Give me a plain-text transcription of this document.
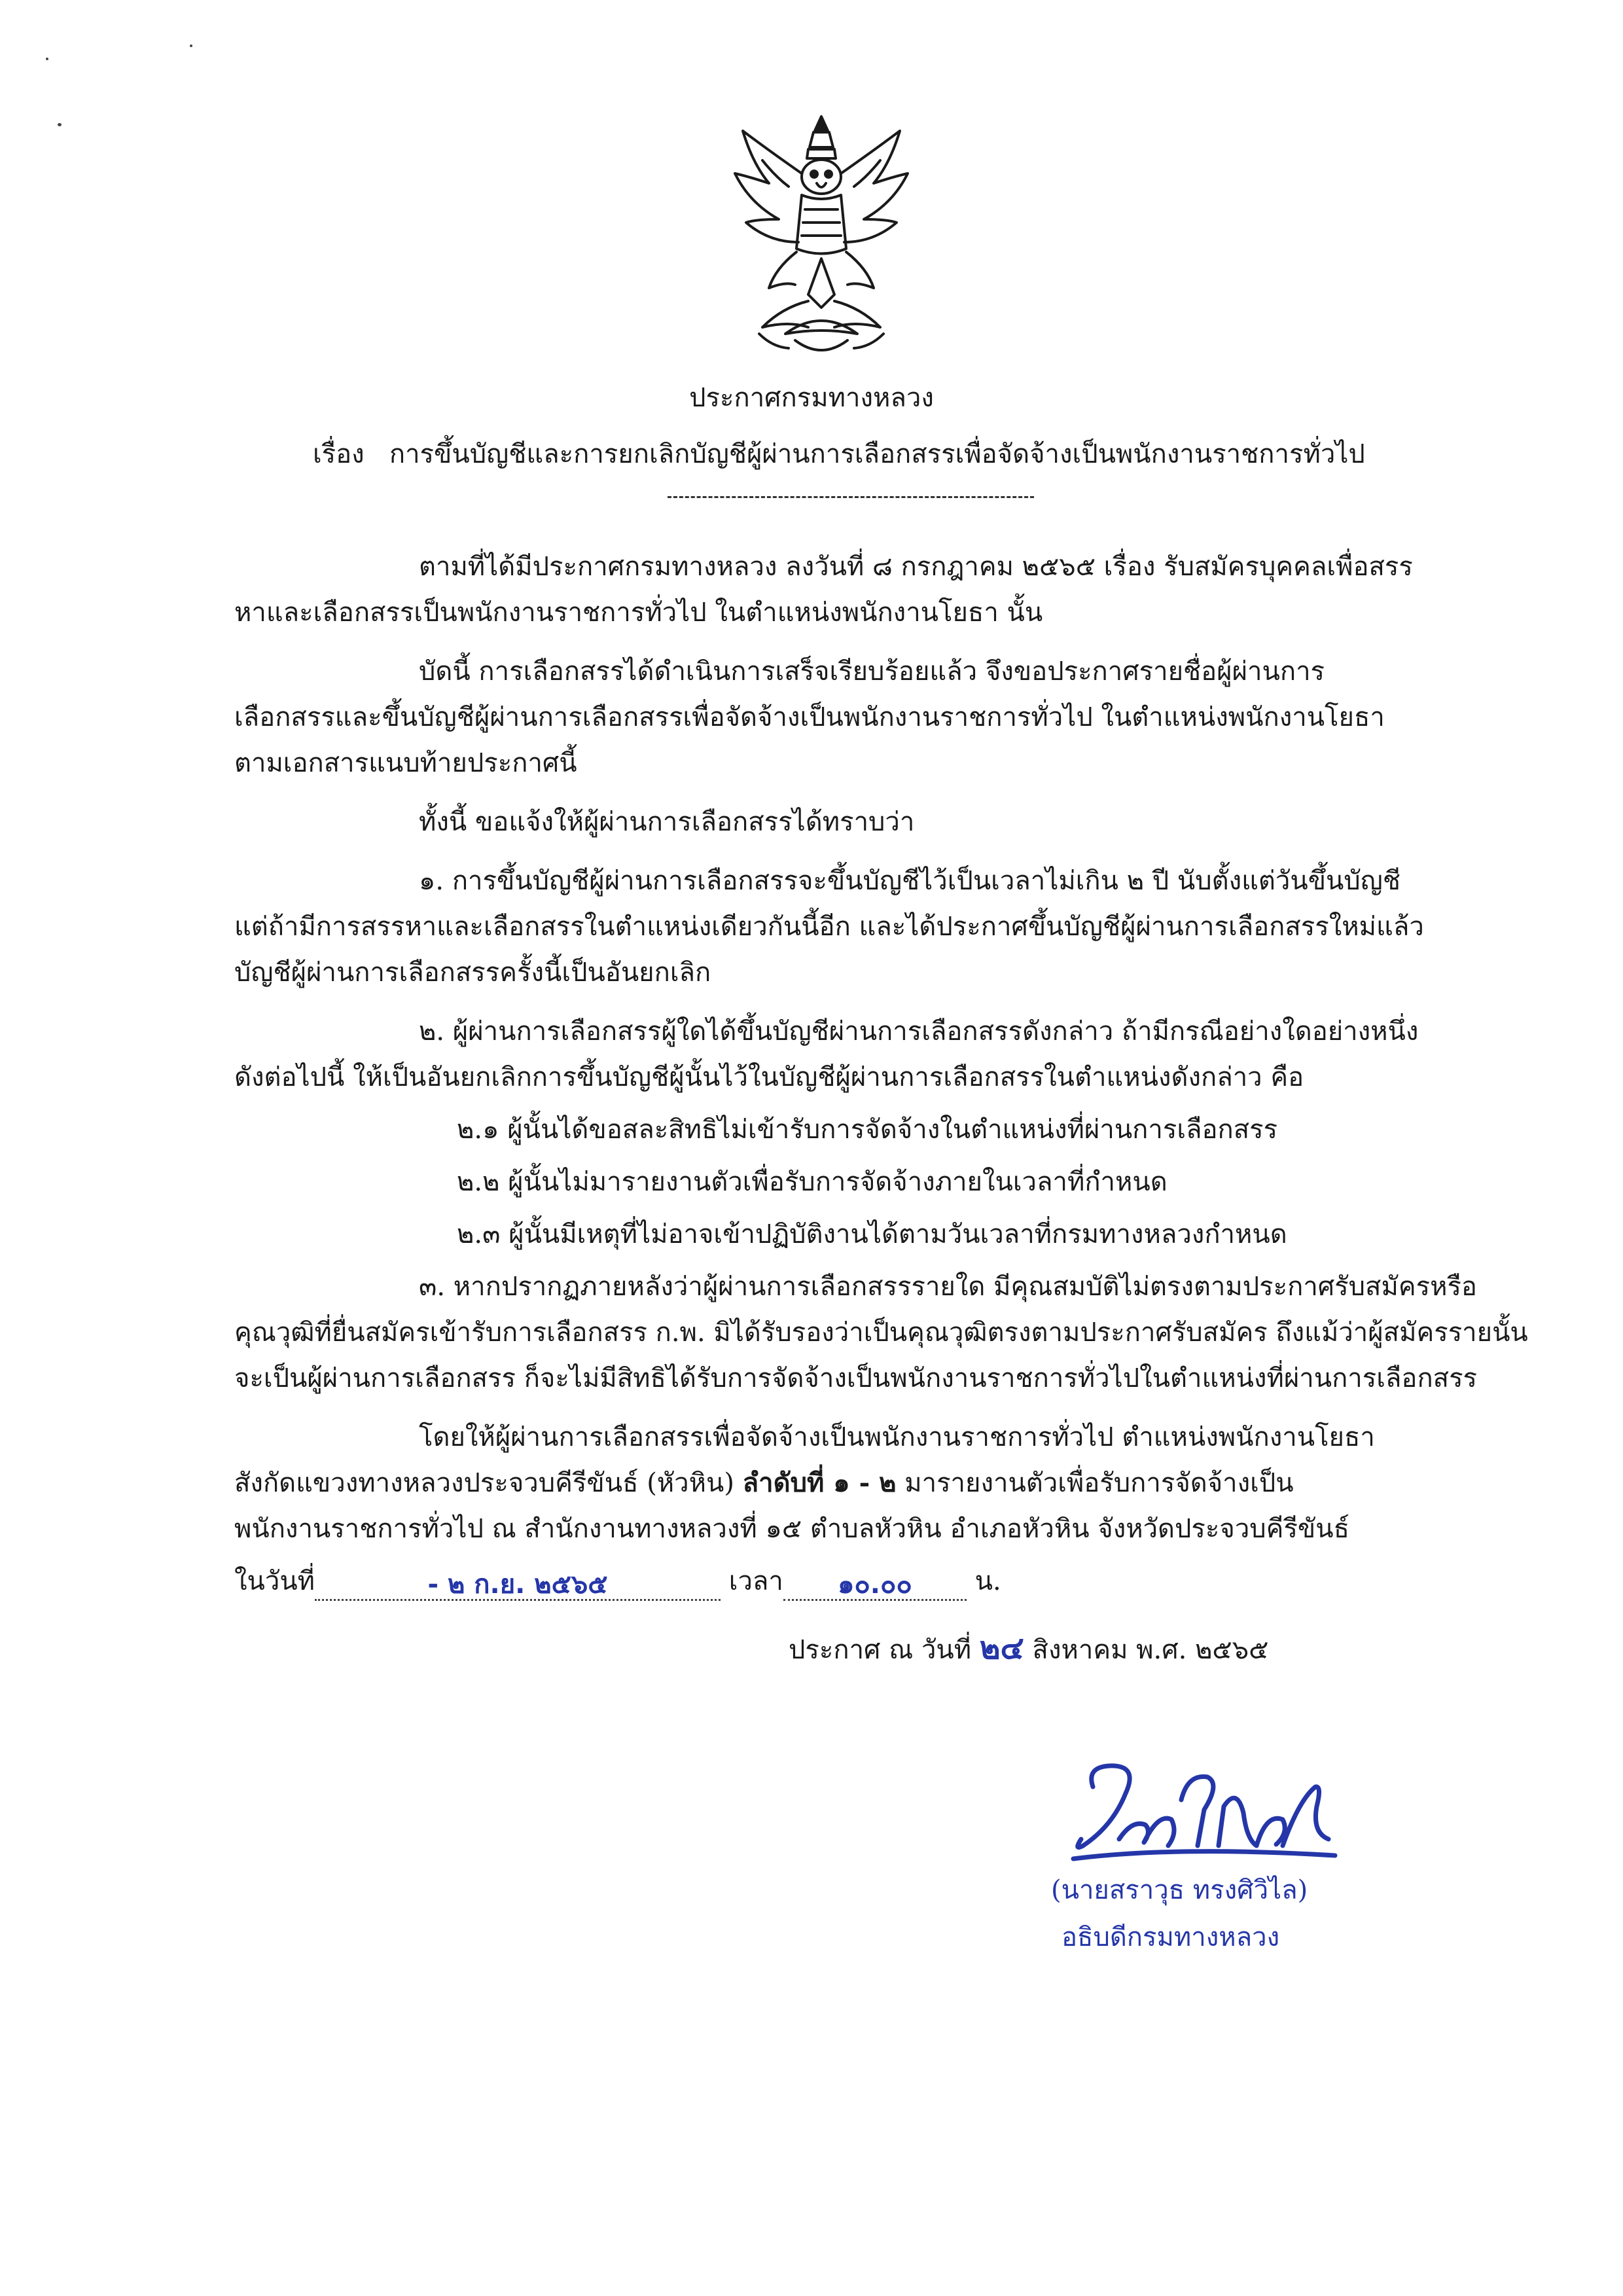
ประกาศกรมทางหลวง
เรื่อง การขึ้นบัญชีและการยกเลิกบัญชีผู้ผ่านการเลือกสรรเพื่อจัดจ้างเป็นพนักงานราชการทั่วไป
ตามที่ได้มีประกาศกรมทางหลวง ลงวันที่ ๘ กรกฎาคม ๒๕๖๕ เรื่อง รับสมัครบุคคลเพื่อสรร
หาและเลือกสรรเป็นพนักงานราชการทั่วไป ในตำแหน่งพนักงานโยธา นั้น
บัดนี้ การเลือกสรรได้ดำเนินการเสร็จเรียบร้อยแล้ว จึงขอประกาศรายชื่อผู้ผ่านการ
เลือกสรรและขึ้นบัญชีผู้ผ่านการเลือกสรรเพื่อจัดจ้างเป็นพนักงานราชการทั่วไป ในตำแหน่งพนักงานโยธา
ตามเอกสารแนบท้ายประกาศนี้
ทั้งนี้ ขอแจ้งให้ผู้ผ่านการเลือกสรรได้ทราบว่า
๑. การขึ้นบัญชีผู้ผ่านการเลือกสรรจะขึ้นบัญชีไว้เป็นเวลาไม่เกิน ๒ ปี นับตั้งแต่วันขึ้นบัญชี
แต่ถ้ามีการสรรหาและเลือกสรรในตำแหน่งเดียวกันนี้อีก และได้ประกาศขึ้นบัญชีผู้ผ่านการเลือกสรรใหม่แล้ว
บัญชีผู้ผ่านการเลือกสรรครั้งนี้เป็นอันยกเลิก
๒. ผู้ผ่านการเลือกสรรผู้ใดได้ขึ้นบัญชีผ่านการเลือกสรรดังกล่าว ถ้ามีกรณีอย่างใดอย่างหนึ่ง
ดังต่อไปนี้ ให้เป็นอันยกเลิกการขึ้นบัญชีผู้นั้นไว้ในบัญชีผู้ผ่านการเลือกสรรในตำแหน่งดังกล่าว คือ
๒.๑ ผู้นั้นได้ขอสละสิทธิไม่เข้ารับการจัดจ้างในตำแหน่งที่ผ่านการเลือกสรร
๒.๒ ผู้นั้นไม่มารายงานตัวเพื่อรับการจัดจ้างภายในเวลาที่กำหนด
๒.๓ ผู้นั้นมีเหตุที่ไม่อาจเข้าปฏิบัติงานได้ตามวันเวลาที่กรมทางหลวงกำหนด
๓. หากปรากฏภายหลังว่าผู้ผ่านการเลือกสรรรายใด มีคุณสมบัติไม่ตรงตามประกาศรับสมัครหรือ
คุณวุฒิที่ยื่นสมัครเข้ารับการเลือกสรร ก.พ. มิได้รับรองว่าเป็นคุณวุฒิตรงตามประกาศรับสมัคร ถึงแม้ว่าผู้สมัครรายนั้น
จะเป็นผู้ผ่านการเลือกสรร ก็จะไม่มีสิทธิได้รับการจัดจ้างเป็นพนักงานราชการทั่วไปในตำแหน่งที่ผ่านการเลือกสรร
โดยให้ผู้ผ่านการเลือกสรรเพื่อจัดจ้างเป็นพนักงานราชการทั่วไป ตำแหน่งพนักงานโยธา
สังกัดแขวงทางหลวงประจวบคีรีขันธ์ (หัวหิน) ลำดับที่ ๑ - ๒ มารายงานตัวเพื่อรับการจัดจ้างเป็น
พนักงานราชการทั่วไป ณ สำนักงานทางหลวงที่ ๑๕ ตำบลหัวหิน อำเภอหัวหิน จังหวัดประจวบคีรีขันธ์
ในวันที่	- ๒ ก.ย. ๒๕๖๕	เวลา ๑๐.๐๐ น.
ประกาศ ณ วันที่ ๒๔ สิงหาคม พ.ศ. ๒๕๖๕
(นายสราวุธ ทรงศิวิไล)
อธิบดีกรมทางหลวง
